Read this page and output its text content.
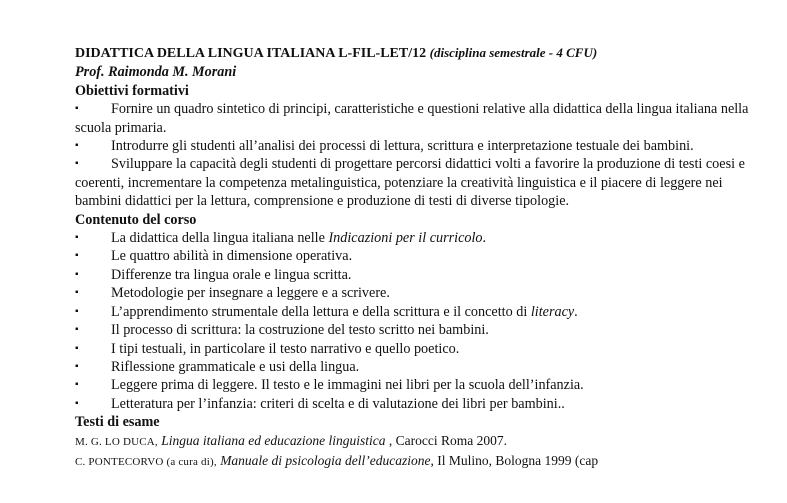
DIDATTICA DELLA LINGUA ITALIANA L-FIL-LET/12 (disciplina semestrale - 4 CFU)
Prof. Raimonda M. Morani
Obiettivi formativi
▪ Fornire un quadro sintetico di principi, caratteristiche e questioni relative alla didattica della lingua italiana nella scuola primaria.
▪ Introdurre gli studenti all’analisi dei processi di lettura, scrittura e interpretazione testuale dei bambini.
▪ Sviluppare la capacità degli studenti di progettare percorsi didattici volti a favorire la produzione di testi coesi e coerenti, incrementare la competenza metalinguistica, potenziare la creatività linguistica e il piacere di leggere nei bambini didattici per la lettura, comprensione e produzione di testi di diverse tipologie.
Contenuto del corso
▪ La didattica della lingua italiana nelle Indicazioni per il curricolo.
▪ Le quattro abilità in dimensione operativa.
▪ Differenze tra lingua orale e lingua scritta.
▪ Metodologie per insegnare a leggere e a scrivere.
▪ L’apprendimento strumentale della lettura e della scrittura e il concetto di literacy.
▪ Il processo di scrittura: la costruzione del testo scritto nei bambini.
▪ I tipi testuali, in particolare il testo narrativo e quello poetico.
▪ Riflessione grammaticale e usi della lingua.
▪ Leggere prima di leggere. Il testo e le immagini nei libri per la scuola dell’infanzia.
▪ Letteratura per l’infanzia: criteri di scelta e di valutazione dei libri per bambini..
Testi di esame
M. G. LO DUCA, Lingua italiana ed educazione linguistica , Carocci Roma 2007.
C. PONTECORVO (a cura di), Manuale di psicologia dell’educazione, Il Mulino, Bologna 1999 (cap
